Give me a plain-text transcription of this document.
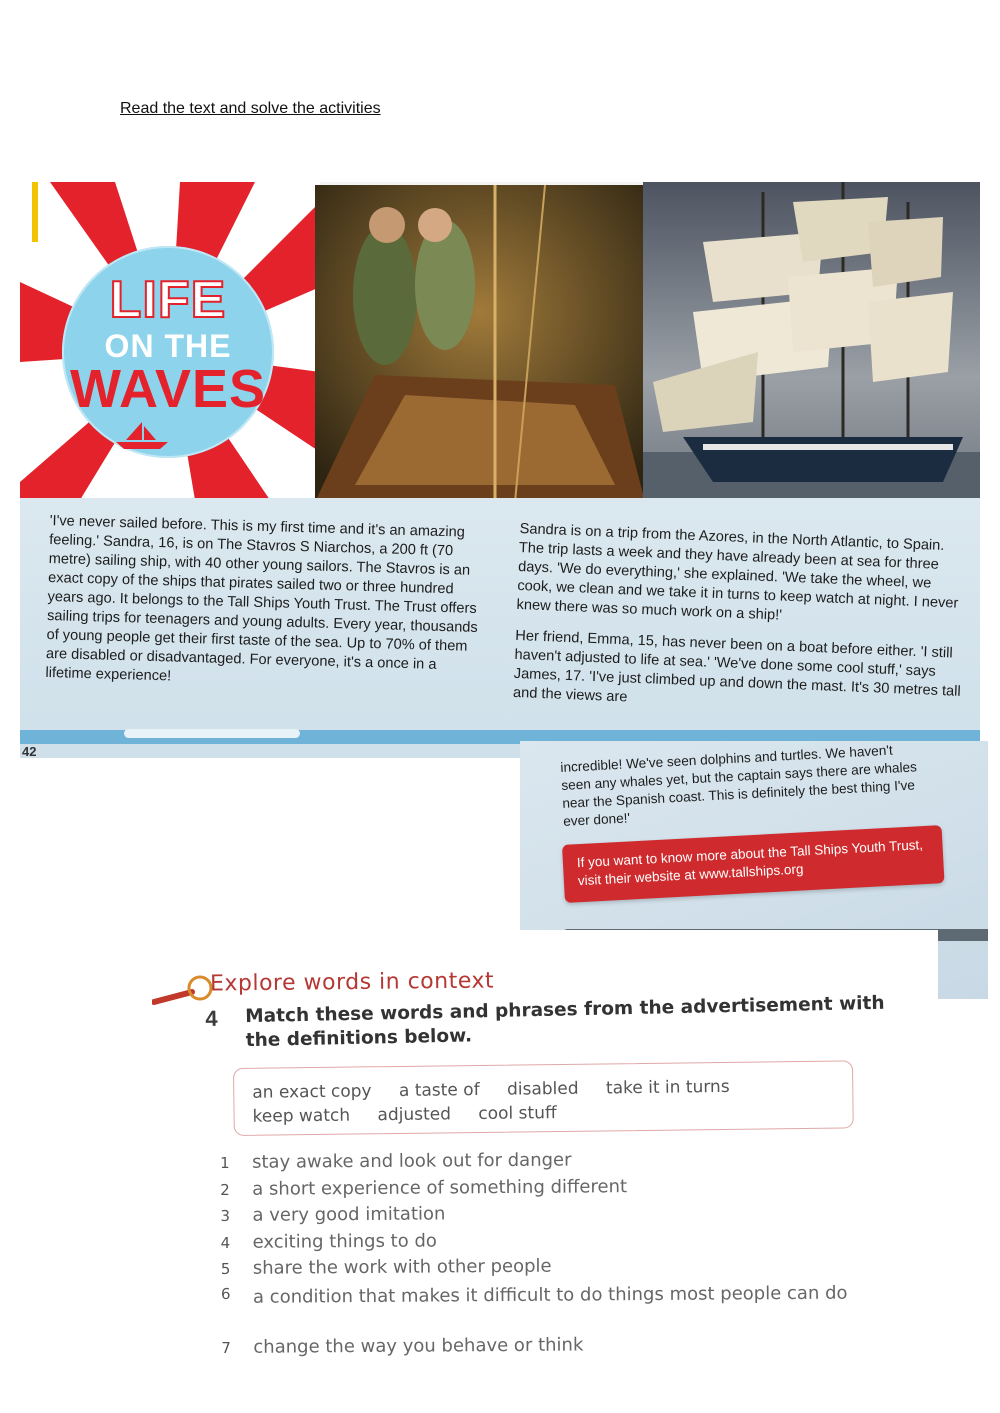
Read the text and solve the activities
LIFE
ON THE
WAVES

'I've never sailed before. This is my first time and it's an amazing feeling.' Sandra, 16, is on The Stavros S Niarchos, a 200 ft (70 metre) sailing ship, with 40 other young sailors. The Stavros is an exact copy of the ships that pirates sailed two or three hundred years ago. It belongs to the Tall Ships Youth Trust. The Trust offers sailing trips for teenagers and young adults. Every year, thousands of young people get their first taste of the sea. Up to 70% of them are disabled or disadvantaged. For everyone, it's a once in a lifetime experience!

Sandra is on a trip from the Azores, in the North Atlantic, to Spain. The trip lasts a week and they have already been at sea for three days. 'We do everything,' she explained. 'We take the wheel, we cook, we clean and we take it in turns to keep watch at night. I never knew there was so much work on a ship!'

Her friend, Emma, 15, has never been on a boat before either. 'I still haven't adjusted to life at sea.' 'We've done some cool stuff,' says James, 17. 'I've just climbed up and down the mast. It's 30 metres tall and the views are

42	incredible! We've seen dolphins and turtles. We haven't seen any whales yet, but the captain says there are whales near the Spanish coast. This is definitely the best thing I've ever done!'
If you want to know more about the Tall Ships Youth Trust, visit their website at www.tallships.org
Explore words in context
4 Match these words and phrases from the advertisement with the definitions below.
an exact copy a taste of disabled take it in turns
keep watch adjusted cool stuff
1 stay awake and look out for danger
2 a short experience of something different
3 a very good imitation
4 exciting things to do
5 share the work with other people
6 a condition that makes it difficult to do things most people can do
7 change the way you behave or think
